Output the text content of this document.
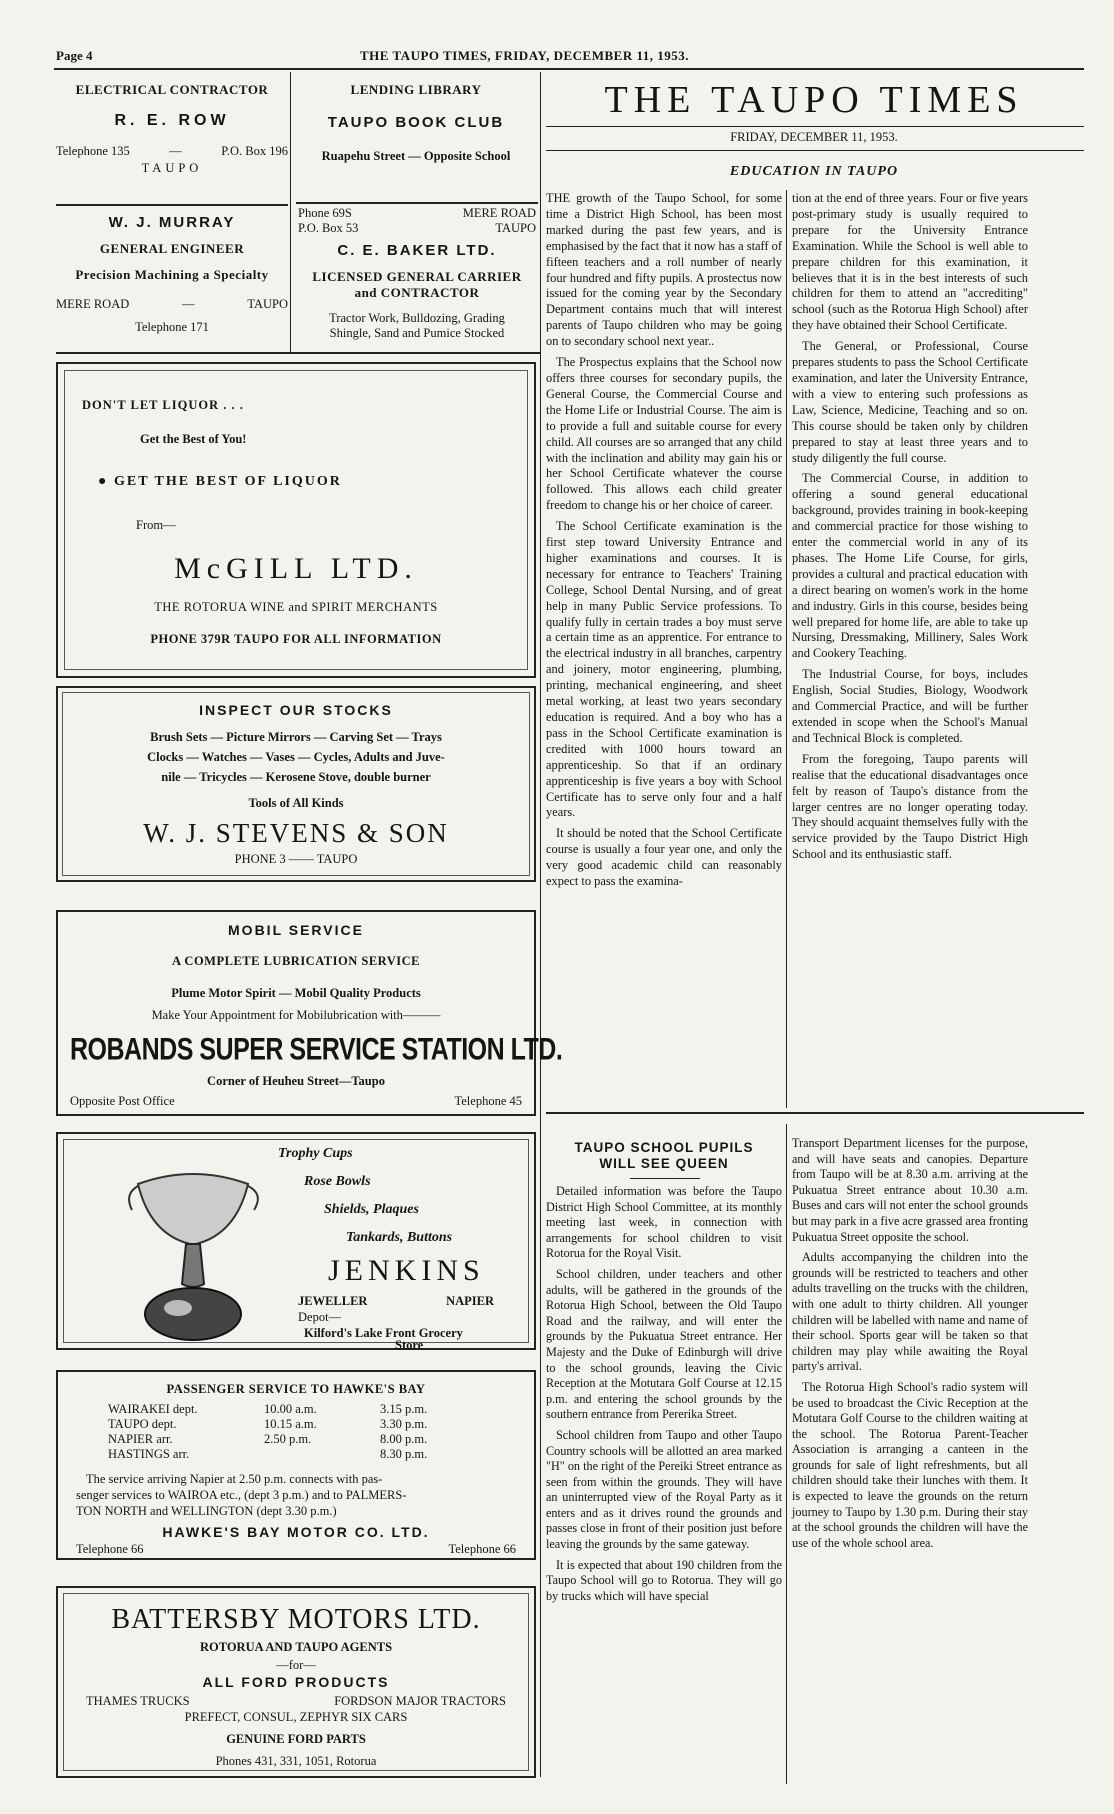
Page 4	THE TAUPO TIMES, FRIDAY, DECEMBER 11, 1953.
ELECTRICAL CONTRACTOR
R. E. ROW
Telephone 135	—	P.O. Box 196
TAUPO
W. J. MURRAY
GENERAL ENGINEER
Precision Machining a Specialty
MERE ROAD	—	TAUPO
Telephone 171
LENDING LIBRARY
TAUPO BOOK CLUB
Ruapehu Street — Opposite School
Phone 69S	MERE ROAD
P.O. Box 53	TAUPO
C. E. BAKER LTD.
LICENSED GENERAL CARRIER
and CONTRACTOR
Tractor Work, Bulldozing, Grading
Shingle, Sand and Pumice Stocked
DON'T LET LIQUOR . . .
Get the Best of You!
● GET THE BEST OF LIQUOR
From—
McGILL LTD.
THE ROTORUA WINE and SPIRIT MERCHANTS
PHONE 379R TAUPO FOR ALL INFORMATION
INSPECT OUR STOCKS
Brush Sets — Picture Mirrors — Carving Set — Trays
Clocks — Watches — Vases — Cycles, Adults and Juve-
nile — Tricycles — Kerosene Stove, double burner
Tools of All Kinds
W. J. STEVENS & SON
PHONE 3 —— TAUPO
MOBIL SERVICE
A COMPLETE LUBRICATION SERVICE
Plume Motor Spirit — Mobil Quality Products
Make Your Appointment for Mobilubrication with———
ROBANDS SUPER SERVICE STATION LTD.
Corner of Heuheu Street—Taupo
Opposite Post Office	Telephone 45
Trophy Cups
Rose Bowls
Shields, Plaques
Tankards, Buttons
JENKINS
JEWELLER	NAPIER
Depot—
Kilford's Lake Front Grocery
Store
PASSENGER SERVICE TO HAWKE'S BAY
WAIRAKEI dept.	10.00 a.m.	3.15 p.m.
TAUPO dept.	10.15 a.m.	3.30 p.m.
NAPIER arr.	2.50 p.m.	8.00 p.m.
HASTINGS arr.		8.30 p.m.
The service arriving Napier at 2.50 p.m. connects with pas-
senger services to WAIROA etc., (dept 3 p.m.) and to PALMERS-
TON NORTH and WELLINGTON (dept 3.30 p.m.)
HAWKE'S BAY MOTOR CO. LTD.
Telephone 66	Telephone 66
BATTERSBY MOTORS LTD.
ROTORUA AND TAUPO AGENTS
—for—
ALL FORD PRODUCTS
THAMES TRUCKS	FORDSON MAJOR TRACTORS
PREFECT, CONSUL, ZEPHYR SIX CARS
GENUINE FORD PARTS
Phones 431, 331, 1051, Rotorua
THE TAUPO TIMES
FRIDAY, DECEMBER 11, 1953.
EDUCATION IN TAUPO

THE growth of the Taupo School, for some time a District High School, has been most marked during the past few years, and is emphasised by the fact that it now has a staff of fifteen teachers and a roll number of nearly four hundred and fifty pupils. A prostectus now issued for the coming year by the Secondary Department contains much that will interest parents of Taupo children who may be going on to secondary school next year..

The Prospectus explains that the School now offers three courses for secondary pupils, the General Course, the Commercial Course and the Home Life or Industrial Course. The aim is to provide a full and suitable course for every child. All courses are so arranged that any child with the inclination and ability may gain his or her School Certificate whatever the course followed. This allows each child greater freedom to change his or her choice of career.

The School Certificate examination is the first step toward University Entrance and higher examinations and courses. It is necessary for entrance to Teachers' Training College, School Dental Nursing, and of great help in many Public Service professions. To qualify fully in certain trades a boy must serve a certain time as an apprentice. For entrance to the electrical industry in all branches, carpentry and joinery, motor engineering, plumbing, printing, mechanical engineering, and sheet metal working, at least two years secondary education is required. And a boy who has a pass in the School Certificate examination is credited with 1000 hours toward an apprenticeship. So that if an ordinary apprenticeship is five years a boy with School Certificate has to serve only four and a half years.

It should be noted that the School Certificate course is usually a four year one, and only the very good academic child can reasonably expect to pass the examina-

tion at the end of three years. Four or five years post-primary study is usually required to prepare for the University Entrance Examination. While the School is well able to prepare children for this examination, it believes that it is in the best interests of such children for them to attend an "accrediting" school (such as the Rotorua High School) after they have obtained their School Certificate.

The General, or Professional, Course prepares students to pass the School Certificate examination, and later the University Entrance, with a view to entering such professions as Law, Science, Medicine, Teaching and so on. This course should be taken only by children prepared to stay at least three years and to study diligently the full course.

The Commercial Course, in addition to offering a sound general educational background, provides training in book-keeping and commercial practice for those wishing to enter the commercial world in any of its phases. The Home Life Course, for girls, provides a cultural and practical education with a direct bearing on women's work in the home and industry. Girls in this course, besides being well prepared for home life, are able to take up Nursing, Dressmaking, Millinery, Sales Work and Cookery Teaching.

The Industrial Course, for boys, includes English, Social Studies, Biology, Woodwork and Commercial Practice, and will be further extended in scope when the School's Manual and Technical Block is completed.

From the foregoing, Taupo parents will realise that the educational disadvantages once felt by reason of Taupo's distance from the larger centres are no longer operating today. They should acquaint themselves fully with the service provided by the Taupo District High School and its enthusiastic staff.

TAUPO SCHOOL PUPILS
WILL SEE QUEEN

Detailed information was before the Taupo District High School Committee, at its monthly meeting last week, in connection with arrangements for school children to visit Rotorua for the Royal Visit.

School children, under teachers and other adults, will be gathered in the grounds of the Rotorua High School, between the Old Taupo Road and the railway, and will enter the grounds by the Pukuatua Street entrance. Her Majesty and the Duke of Edinburgh will drive to the school grounds, leaving the Civic Reception at the Motutara Golf Course at 12.15 p.m. and entering the school grounds by the southern entrance from Pererika Street.

School children from Taupo and other Taupo Country schools will be allotted an area marked "H" on the right of the Pereiki Street entrance as seen from within the grounds. They will have an uninterrupted view of the Royal Party as it enters and as it drives round the grounds and passes close in front of their position just before leaving the grounds by the same gateway.

It is expected that about 190 children from the Taupo School will go to Rotorua. They will go by trucks which will have special

Transport Department licenses for the purpose, and will have seats and canopies. Departure from Taupo will be at 8.30 a.m. arriving at the Pukuatua Street entrance about 10.30 a.m. Buses and cars will not enter the school grounds but may park in a five acre grassed area fronting Pukuatua Street opposite the school.

Adults accompanying the children into the grounds will be restricted to teachers and other adults travelling on the trucks with the children, with one adult to thirty children. All younger children will be labelled with name and name of their school. Sports gear will be taken so that children may play while awaiting the Royal party's arrival.

The Rotorua High School's radio system will be used to broadcast the Civic Reception at the Motutara Golf Course to the children waiting at the school. The Rotorua Parent-Teacher Association is arranging a canteen in the grounds for sale of light refreshments, but all children should take their lunches with them. It is expected to leave the grounds on the return journey to Taupo by 1.30 p.m. During their stay at the school grounds the children will have the use of the whole school area.
